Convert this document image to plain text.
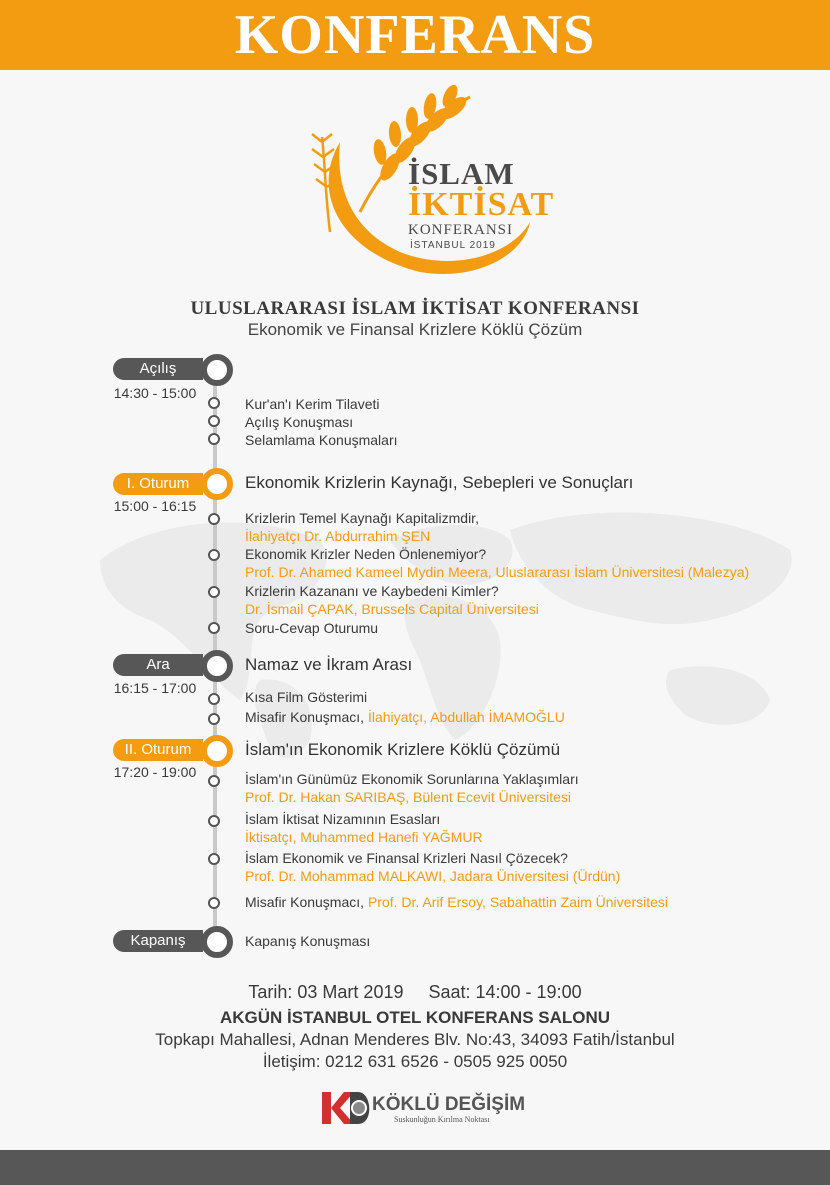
KONFERANS
İSLAM
İKTİSAT
KONFERANSI
İSTANBUL 2019
ULUSLARARASI İSLAM İKTİSAT KONFERANSI
Ekonomik ve Finansal Krizlere Köklü Çözüm
Açılış
14:30 - 15:00
Kur'an'ı Kerim Tilaveti
Açılış Konuşması
Selamlama Konuşmaları
I. Oturum	Ekonomik Krizlerin Kaynağı, Sebepleri ve Sonuçları
15:00 - 16:15
Krizlerin Temel Kaynağı Kapitalizmdir,
İlahiyatçı Dr. Abdurrahim ŞEN
Ekonomik Krizler Neden Önlenemiyor?
Prof. Dr. Ahamed Kameel Mydin Meera, Uluslararası İslam Üniversitesi (Malezya)
Krizlerin Kazananı ve Kaybedeni Kimler?
Dr. İsmail ÇAPAK, Brussels Capital Üniversitesi
Soru-Cevap Oturumu
Ara	Namaz ve İkram Arası
16:15 - 17:00
Kısa Film Gösterimi
Misafir Konuşmacı, İlahiyatçı, Abdullah İMAMOĞLU
II. Oturum	İslam'ın Ekonomik Krizlere Köklü Çözümü
17:20 - 19:00	İslam'ın Günümüz Ekonomik Sorunlarına Yaklaşımları
Prof. Dr. Hakan SARIBAŞ, Bülent Ecevit Üniversitesi
İslam İktisat Nizamının Esasları
İktisatçı, Muhammed Hanefi YAĞMUR
İslam Ekonomik ve Finansal Krizleri Nasıl Çözecek?
Prof. Dr. Mohammad MALKAWI, Jadara Üniversitesi (Ürdün)
Misafir Konuşmacı, Prof. Dr. Arif Ersoy, Sabahattin Zaim Üniversitesi
Kapanış	Kapanış Konuşması
Tarih: 03 Mart 2019     Saat: 14:00 - 19:00
AKGÜN İSTANBUL OTEL KONFERANS SALONU
Topkapı Mahallesi, Adnan Menderes Blv. No:43, 34093 Fatih/İstanbul
İletişim: 0212 631 6526 - 0505 925 0050
KÖKLÜ DEĞİŞİM
Suskunluğun Kırılma Noktası
